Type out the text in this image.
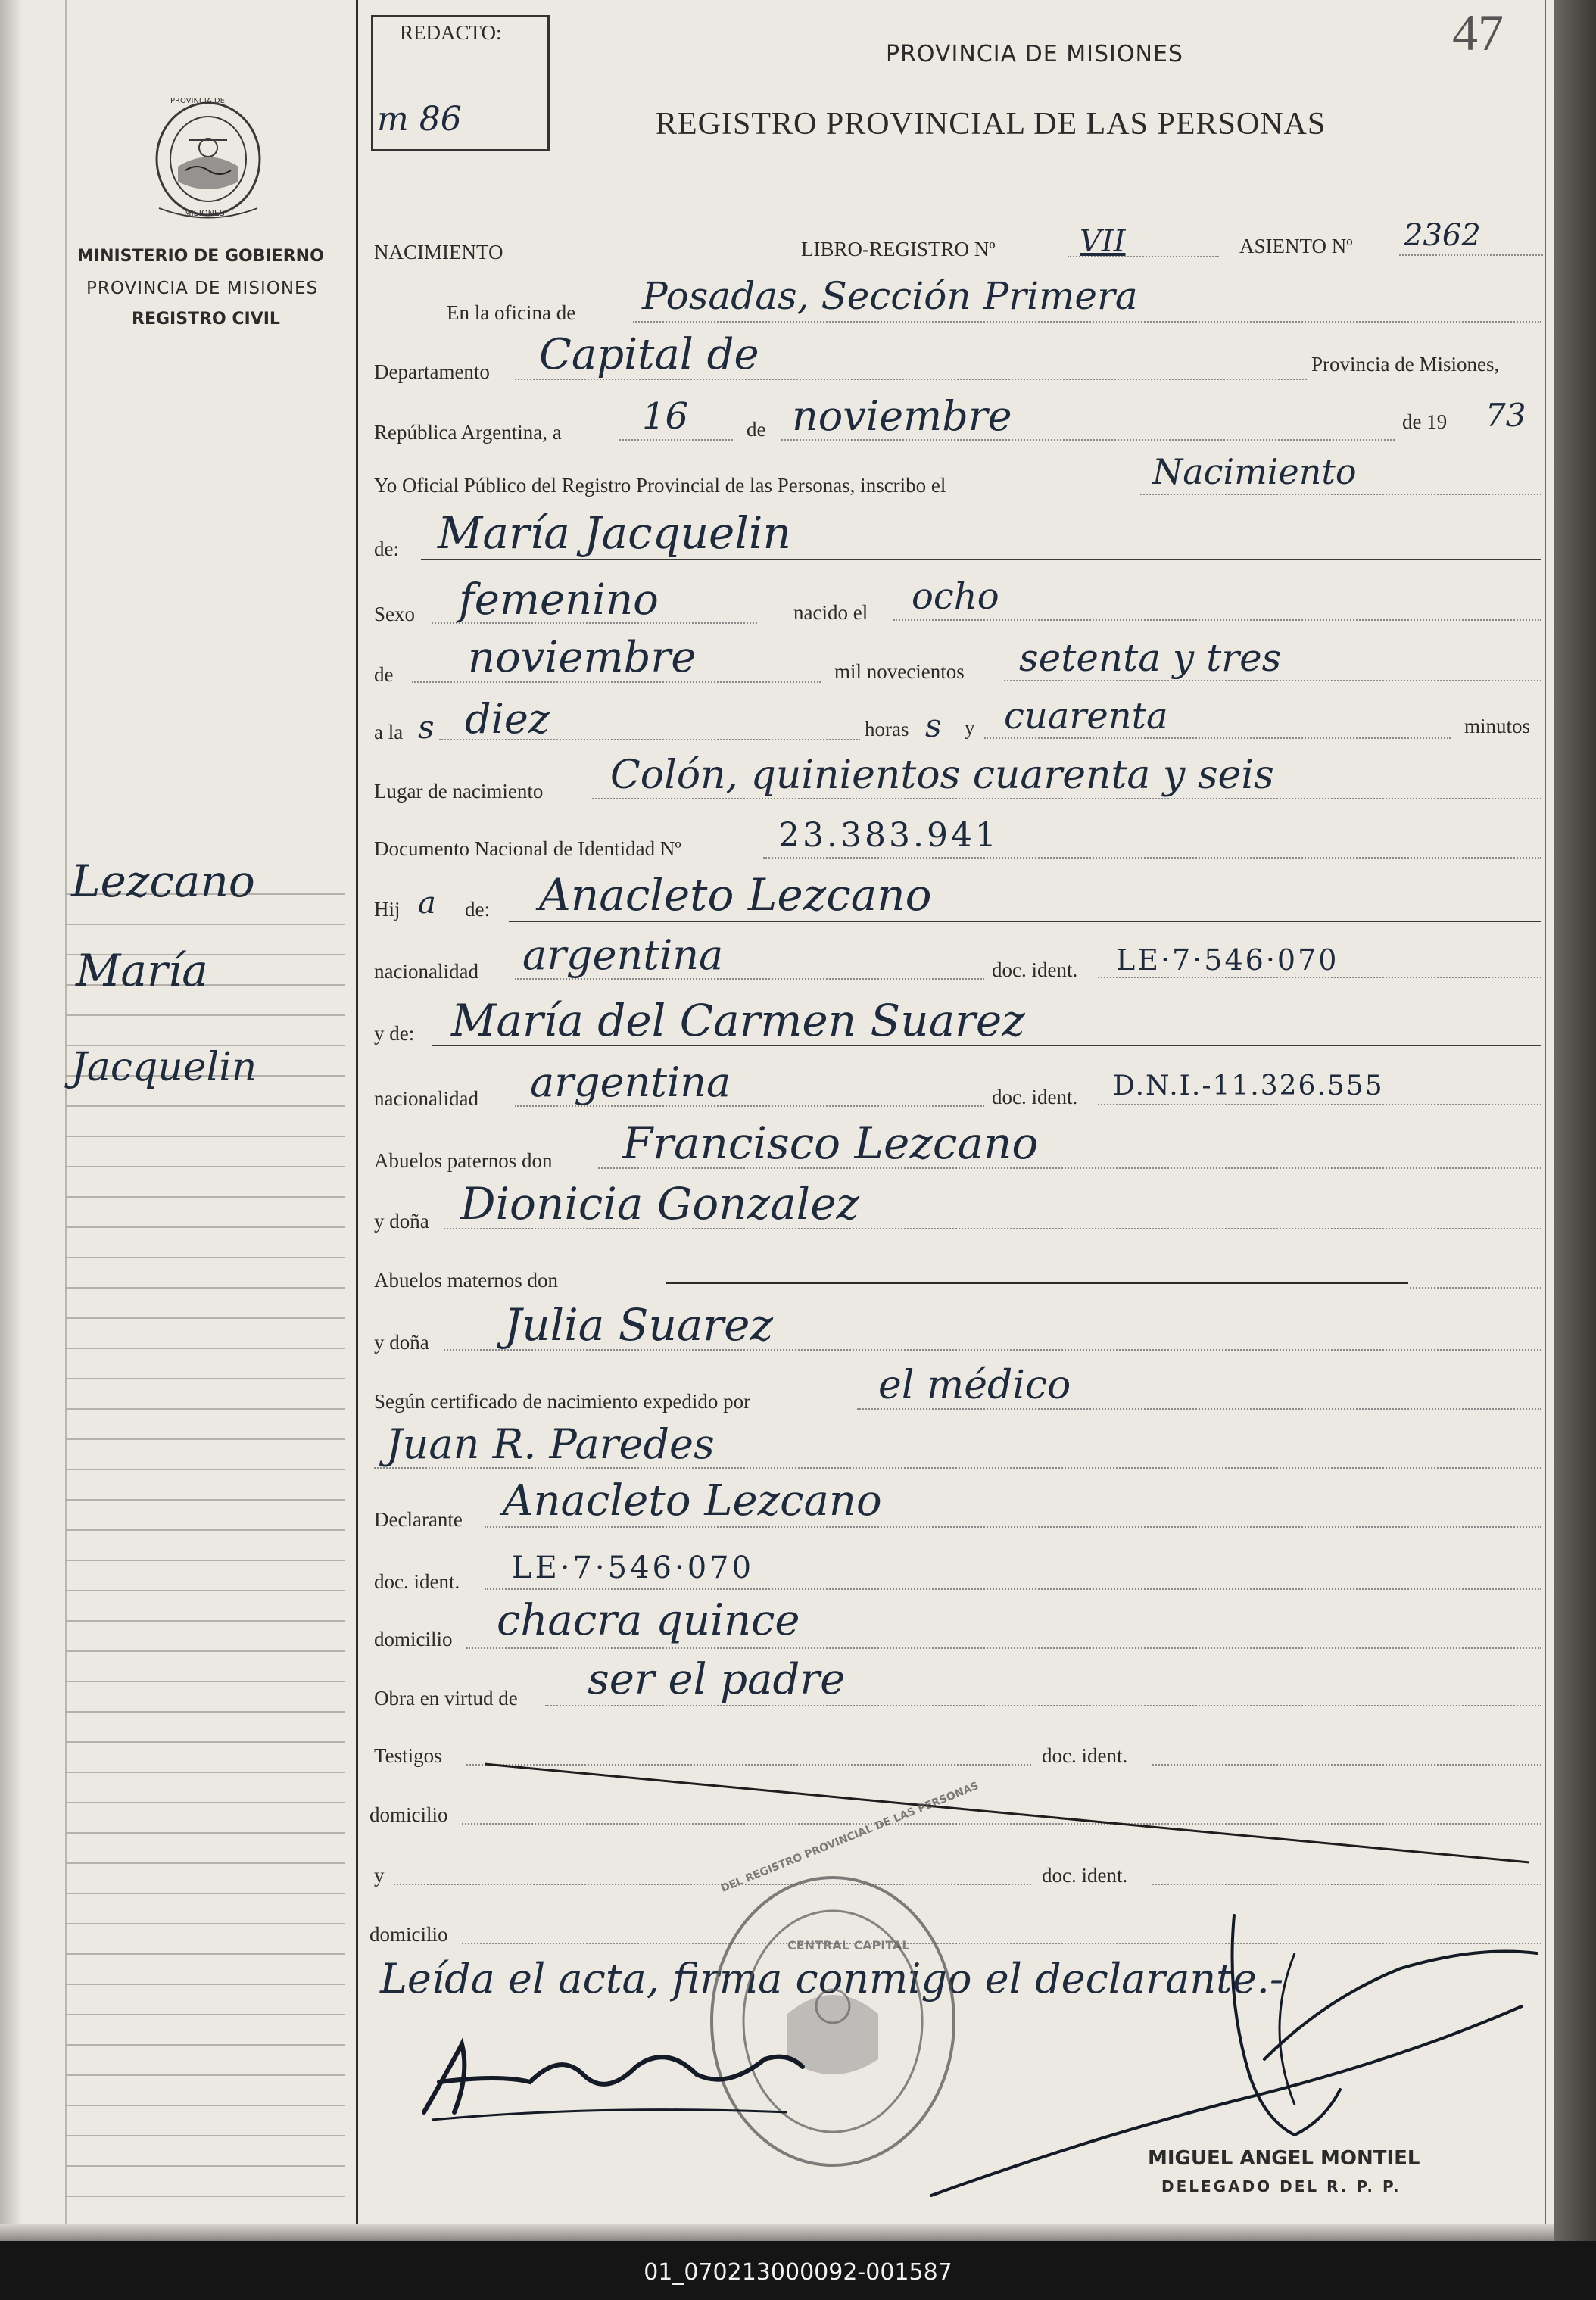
PROVINCIA DE
MISIONES
MINISTERIO DE GOBIERNO
PROVINCIA DE MISIONES
REGISTRO CIVIL
Lezcano
María
Jacquelin
REDACTO:
m 86
47
PROVINCIA DE MISIONES
REGISTRO PROVINCIAL DE LAS PERSONAS
NACIMIENTO	LIBRO-REGISTRO Nº	VII	ASIENTO Nº 2362
En la oficina de Posadas, Sección Primera
Departamento Capital de	Provincia de Misiones,
República Argentina, a 16	de noviembre	de 19 73
Yo Oficial Público del Registro Provincial de las Personas, inscribo el	Nacimiento
de: María Jacquelin
Sexo femenino	nacido el ocho
de noviembre	mil novecientos setenta y tres
a la s diez	horas s y cuarenta	minutos
Lugar de nacimiento Colón, quinientos cuarenta y seis
Documento Nacional de Identidad Nº	23.383.941
Hij a de: Anacleto Lezcano
nacionalidad argentina	doc. ident. LE·7·546·070
y de: María del Carmen Suarez
nacionalidad argentina	doc. ident. D.N.I.-11.326.555
Abuelos paternos don Francisco Lezcano
y doña Dionicia Gonzalez
Abuelos maternos don
y doña Julia Suarez
Según certificado de nacimiento expedido por	el médico
Juan R. Paredes
Declarante Anacleto Lezcano
doc. ident. LE·7·546·070
domicilio chacra quince
Obra en virtud de ser el padre
Testigos	doc. ident.
domicilio
y	doc. ident.
domicilio
Leída el acta, firma conmigo el declarante.-
DEL REGISTRO PROVINCIAL DE LAS PERSONAS
CENTRAL CAPITAL
MIGUEL ANGEL MONTIEL
DELEGADO DEL R. P. P.
01_070213000092-001587
